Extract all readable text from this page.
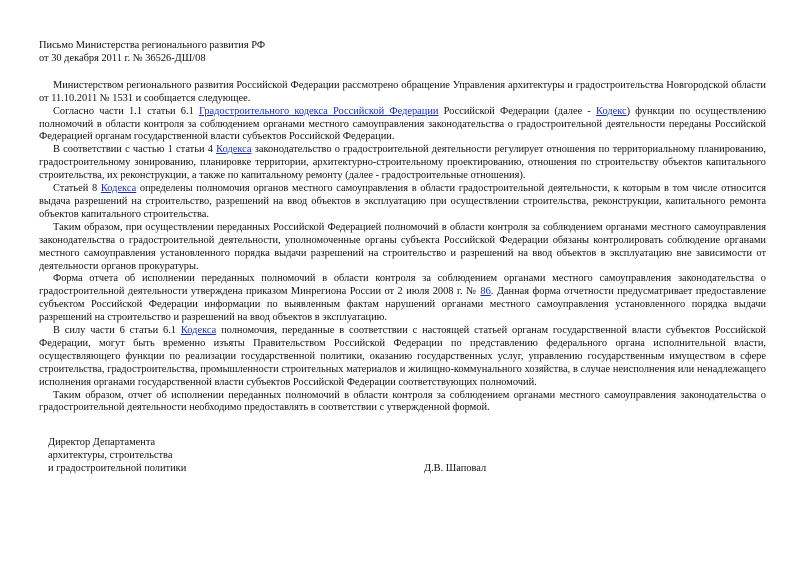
Письмо Министерства регионального развития РФ

от 30 декабря 2011 г. № 36526-ДШ/08

Министерством регионального развития Российской Федерации рассмотрено обращение Управления архитектуры и градостроительства Новгородской области от 11.10.2011 № 1531 и сообщается следующее.

Согласно части 1.1 статьи 6.1 Градостроительного кодекса Российской Федерации Российской Федерации (далее - Кодекс) функции по осуществлению полномочий в области контроля за соблюдением органами местного самоуправления законодательства о градостроительной деятельности переданы Российской Федерацией органам государственной власти субъектов Российской Федерации.

В соответствии с частью 1 статьи 4 Кодекса законодательство о градостроительной деятельности регулирует отношения по территориальному планированию, градостроительному зонированию, планировке территории, архитектурно-строительному проектированию, отношения по строительству объектов капитального строительства, их реконструкции, а также по капитальному ремонту (далее - градостроительные отношения).

Статьей 8 Кодекса определены полномочия органов местного самоуправления в области градостроительной деятельности, к которым в том числе относится выдача разрешений на строительство, разрешений на ввод объектов в эксплуатацию при осуществлении строительства, реконструкции, капитального ремонта объектов капитального строительства.

Таким образом, при осуществлении переданных Российской Федерацией полномочий в области контроля за соблюдением органами местного самоуправления законодательства о градостроительной деятельности, уполномоченные органы субъекта Российской Федерации обязаны контролировать соблюдение органами местного самоуправления установленного порядка выдачи разрешений на строительство и разрешений на ввод объектов в эксплуатацию вне зависимости от деятельности органов прокуратуры.

Форма отчета об исполнении переданных полномочий в области контроля за соблюдением органами местного самоуправления законодательства о градостроительной деятельности утверждена приказом Минрегиона России от 2 июля 2008 г. № 86. Данная форма отчетности предусматривает предоставление субъектом Российской Федерации информации по выявленным фактам нарушений органами местного самоуправления установленного порядка выдачи разрешений на строительство и разрешений на ввод объектов в эксплуатацию.

В силу части 6 статьи 6.1 Кодекса полномочия, переданные в соответствии с настоящей статьей органам государственной власти субъектов Российской Федерации, могут быть временно изъяты Правительством Российской Федерации по представлению федерального органа исполнительной власти, осуществляющего функции по реализации государственной политики, оказанию государственных услуг, управлению государственным имуществом в сфере строительства, градостроительства, промышленности строительных материалов и жилищно-коммунального хозяйства, в случае неисполнения или ненадлежащего исполнения органами государственной власти субъектов Российской Федерации соответствующих полномочий.

Таким образом, отчет об исполнении переданных полномочий в области контроля за соблюдением органами местного самоуправления законодательства о градостроительной деятельности необходимо предоставлять в соответствии с утвержденной формой.

Директор Департамента

архитектуры, строительства

и градостроительной политики	Д.В. Шаповал
